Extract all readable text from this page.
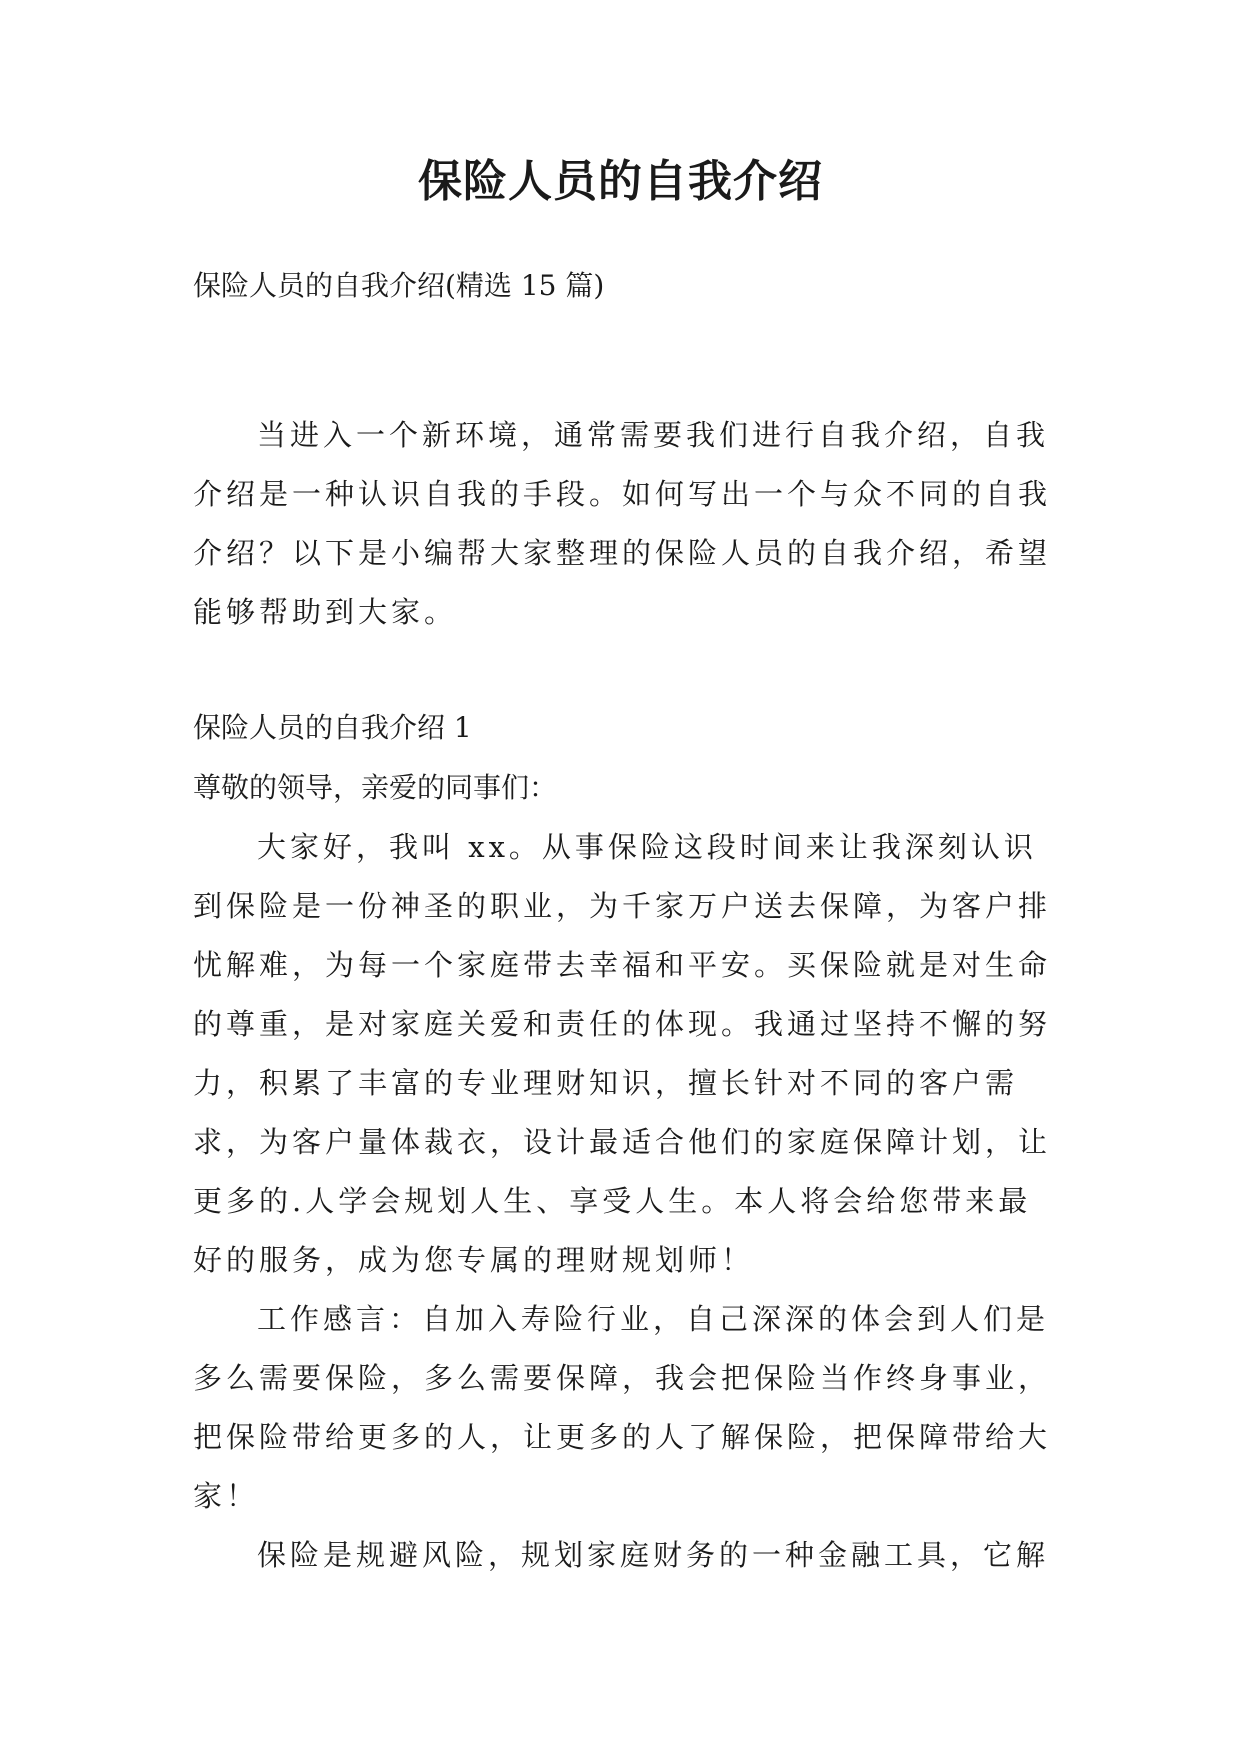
保险人员的自我介绍

保险人员的自我介绍(精选 15 篇)

当进入一个新环境，通常需要我们进行自我介绍，自我介绍是一种认识自我的手段。如何写出一个与众不同的自我介绍？以下是小编帮大家整理的保险人员的自我介绍，希望能够帮助到大家。

保险人员的自我介绍 1

尊敬的领导，亲爱的同事们：

大家好，我叫 xx。从事保险这段时间来让我深刻认识到保险是一份神圣的职业，为千家万户送去保障，为客户排忧解难，为每一个家庭带去幸福和平安。买保险就是对生命的尊重，是对家庭关爱和责任的体现。我通过坚持不懈的努力，积累了丰富的专业理财知识，擅长针对不同的客户需求，为客户量体裁衣，设计最适合他们的家庭保障计划，让更多的.人学会规划人生、享受人生。本人将会给您带来最好的服务，成为您专属的理财规划师！

工作感言：自加入寿险行业，自己深深的体会到人们是多么需要保险，多么需要保障，我会把保险当作终身事业，把保险带给更多的人，让更多的人了解保险，把保障带给大家！

保险是规避风险，规划家庭财务的一种金融工具，它解
